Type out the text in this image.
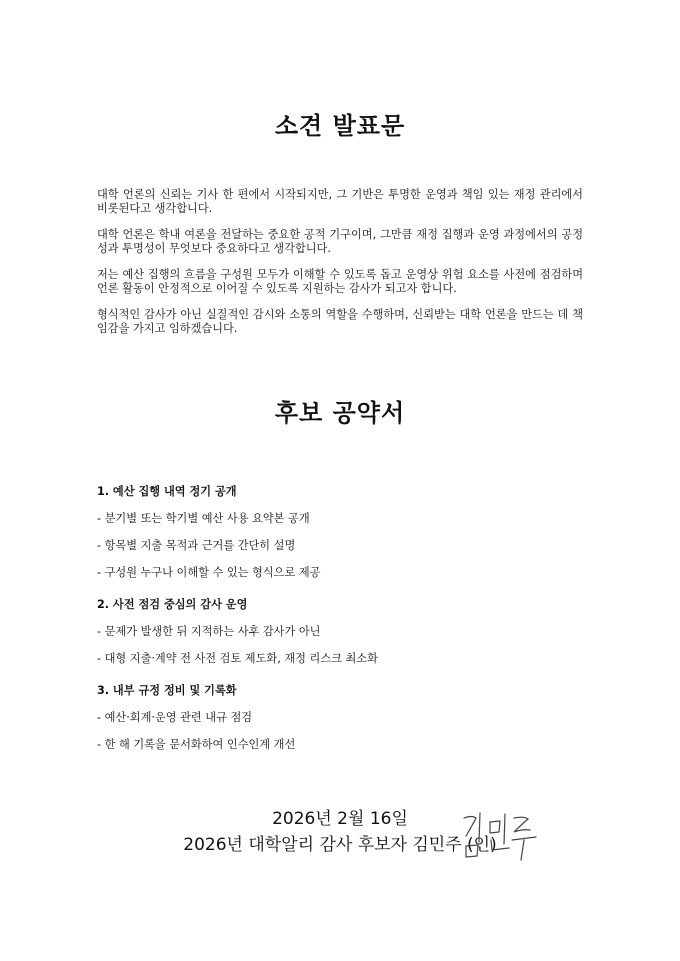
소견 발표문

대학 언론의 신뢰는 기사 한 편에서 시작되지만, 그 기반은 투명한 운영과 책임 있는 재정 관리에서 비롯된다고 생각합니다.

대학 언론은 학내 여론을 전달하는 중요한 공적 기구이며, 그만큼 재정 집행과 운영 과정에서의 공정성과 투명성이 무엇보다 중요하다고 생각합니다.

저는 예산 집행의 흐름을 구성원 모두가 이해할 수 있도록 돕고 운영상 위험 요소를 사전에 점검하며 언론 활동이 안정적으로 이어질 수 있도록 지원하는 감사가 되고자 합니다.

형식적인 감사가 아닌 실질적인 감시와 소통의 역할을 수행하며, 신뢰받는 대학 언론을 만드는 데 책임감을 가지고 임하겠습니다.

후보 공약서
1. 예산 집행 내역 정기 공개
- 분기별 또는 학기별 예산 사용 요약본 공개
- 항목별 지출 목적과 근거를 간단히 설명
- 구성원 누구나 이해할 수 있는 형식으로 제공
2. 사전 점검 중심의 감사 운영
- 문제가 발생한 뒤 지적하는 사후 감사가 아닌
- 대형 지출·계약 전 사전 검토 제도화, 재정 리스크 최소화
3. 내부 규정 정비 및 기록화
- 예산·회계·운영 관련 내규 점검
- 한 해 기록을 문서화하여 인수인계 개선
2026년 2월 16일
2026년 대학알리 감사 후보자 김민주 (인)
